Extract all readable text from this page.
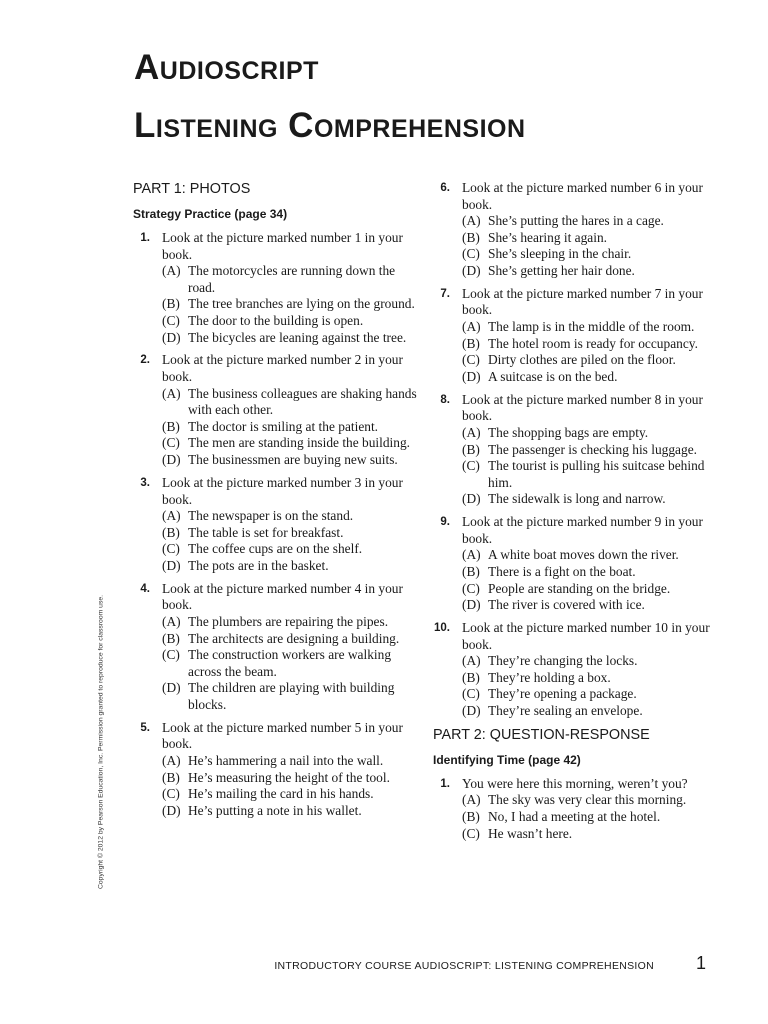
Audioscript
Listening Comprehension
PART 1: PHOTOS
Strategy Practice (page 34)
1. Look at the picture marked number 1 in your book.
(A) The motorcycles are running down the road.
(B) The tree branches are lying on the ground.
(C) The door to the building is open.
(D) The bicycles are leaning against the tree.
2. Look at the picture marked number 2 in your book.
(A) The business colleagues are shaking hands with each other.
(B) The doctor is smiling at the patient.
(C) The men are standing inside the building.
(D) The businessmen are buying new suits.
3. Look at the picture marked number 3 in your book.
(A) The newspaper is on the stand.
(B) The table is set for breakfast.
(C) The coffee cups are on the shelf.
(D) The pots are in the basket.
4. Look at the picture marked number 4 in your book.
(A) The plumbers are repairing the pipes.
(B) The architects are designing a building.
(C) The construction workers are walking across the beam.
(D) The children are playing with building blocks.
5. Look at the picture marked number 5 in your book.
(A) He’s hammering a nail into the wall.
(B) He’s measuring the height of the tool.
(C) He’s mailing the card in his hands.
(D) He’s putting a note in his wallet.
6. Look at the picture marked number 6 in your book.
(A) She’s putting the hares in a cage.
(B) She’s hearing it again.
(C) She’s sleeping in the chair.
(D) She’s getting her hair done.
7. Look at the picture marked number 7 in your book.
(A) The lamp is in the middle of the room.
(B) The hotel room is ready for occupancy.
(C) Dirty clothes are piled on the floor.
(D) A suitcase is on the bed.
8. Look at the picture marked number 8 in your book.
(A) The shopping bags are empty.
(B) The passenger is checking his luggage.
(C) The tourist is pulling his suitcase behind him.
(D) The sidewalk is long and narrow.
9. Look at the picture marked number 9 in your book.
(A) A white boat moves down the river.
(B) There is a fight on the boat.
(C) People are standing on the bridge.
(D) The river is covered with ice.
10. Look at the picture marked number 10 in your book.
(A) They’re changing the locks.
(B) They’re holding a box.
(C) They’re opening a package.
(D) They’re sealing an envelope.
PART 2: QUESTION-RESPONSE
Identifying Time (page 42)
1. You were here this morning, weren’t you?
(A) The sky was very clear this morning.
(B) No, I had a meeting at the hotel.
(C) He wasn’t here.
Copyright © 2012 by Pearson Education, Inc. Permission granted to reproduce for classroom use.
INTRODUCTORY COURSE AUDIOSCRIPT: LISTENING COMPREHENSION 1
